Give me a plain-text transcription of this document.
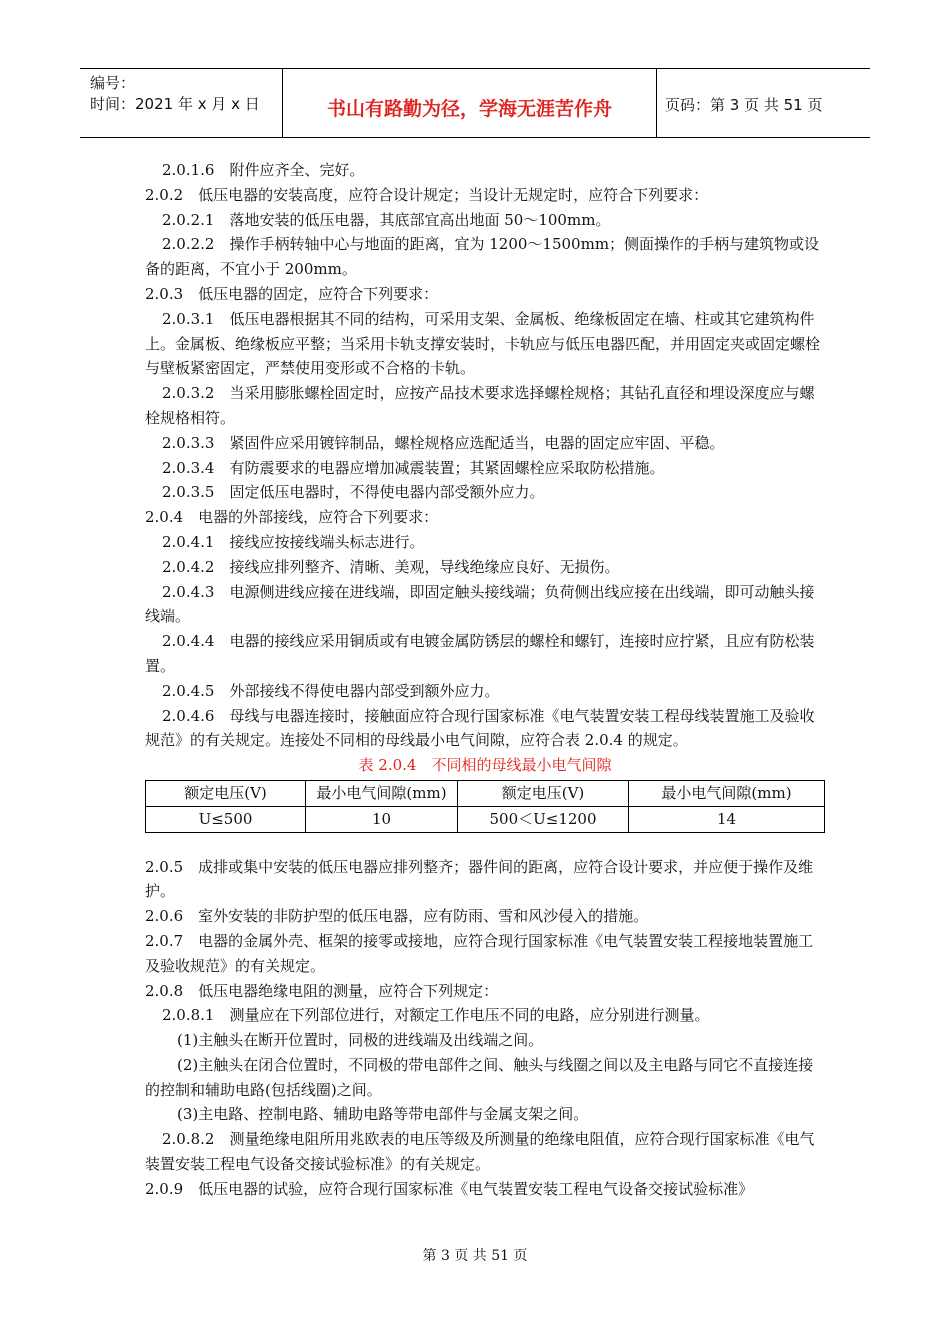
编号：
时间：2021 年 x 月 x 日	书山有路勤为径，学海无涯苦作舟	页码：第 3 页 共 51 页

2.0.1.6　附件应齐全、完好。

2.0.2　低压电器的安装高度，应符合设计规定；当设计无规定时，应符合下列要求：

2.0.2.1　落地安装的低压电器，其底部宜高出地面 50～100mm。

2.0.2.2　操作手柄转轴中心与地面的距离，宜为 1200～1500mm；侧面操作的手柄与建筑物或设备的距离，不宜小于 200mm。

2.0.3　低压电器的固定，应符合下列要求：

2.0.3.1　低压电器根据其不同的结构，可采用支架、金属板、绝缘板固定在墙、柱或其它建筑构件上。金属板、绝缘板应平整；当采用卡轨支撑安装时，卡轨应与低压电器匹配，并用固定夹或固定螺栓与壁板紧密固定，严禁使用变形或不合格的卡轨。

2.0.3.2　当采用膨胀螺栓固定时，应按产品技术要求选择螺栓规格；其钻孔直径和埋设深度应与螺栓规格相符。

2.0.3.3　紧固件应采用镀锌制品，螺栓规格应选配适当，电器的固定应牢固、平稳。

2.0.3.4　有防震要求的电器应增加减震装置；其紧固螺栓应采取防松措施。

2.0.3.5　固定低压电器时，不得使电器内部受额外应力。

2.0.4　电器的外部接线，应符合下列要求：

2.0.4.1　接线应按接线端头标志进行。

2.0.4.2　接线应排列整齐、清晰、美观，导线绝缘应良好、无损伤。

2.0.4.3　电源侧进线应接在进线端，即固定触头接线端；负荷侧出线应接在出线端，即可动触头接线端。

2.0.4.4　电器的接线应采用铜质或有电镀金属防锈层的螺栓和螺钉，连接时应拧紧，且应有防松装置。

2.0.4.5　外部接线不得使电器内部受到额外应力。

2.0.4.6　母线与电器连接时，接触面应符合现行国家标准《电气装置安装工程母线装置施工及验收规范》的有关规定。连接处不同相的母线最小电气间隙，应符合表 2.0.4 的规定。

表 2.0.4　不同相的母线最小电气间隙

额定电压(V)	最小电气间隙(mm)	额定电压(V)	最小电气间隙(mm)
U≤500	10	500＜U≤1200	14

2.0.5　成排或集中安装的低压电器应排列整齐；器件间的距离，应符合设计要求，并应便于操作及维护。

2.0.6　室外安装的非防护型的低压电器，应有防雨、雪和风沙侵入的措施。

2.0.7　电器的金属外壳、框架的接零或接地，应符合现行国家标准《电气装置安装工程接地装置施工及验收规范》的有关规定。

2.0.8　低压电器绝缘电阻的测量，应符合下列规定：

2.0.8.1　测量应在下列部位进行，对额定工作电压不同的电路，应分别进行测量。

(1)主触头在断开位置时，同极的进线端及出线端之间。

(2)主触头在闭合位置时，不同极的带电部件之间、触头与线圈之间以及主电路与同它不直接连接的控制和辅助电路(包括线圈)之间。

(3)主电路、控制电路、辅助电路等带电部件与金属支架之间。

2.0.8.2　测量绝缘电阻所用兆欧表的电压等级及所测量的绝缘电阻值，应符合现行国家标准《电气装置安装工程电气设备交接试验标准》的有关规定。

2.0.9　低压电器的试验，应符合现行国家标准《电气装置安装工程电气设备交接试验标准》

第 3 页 共 51 页
